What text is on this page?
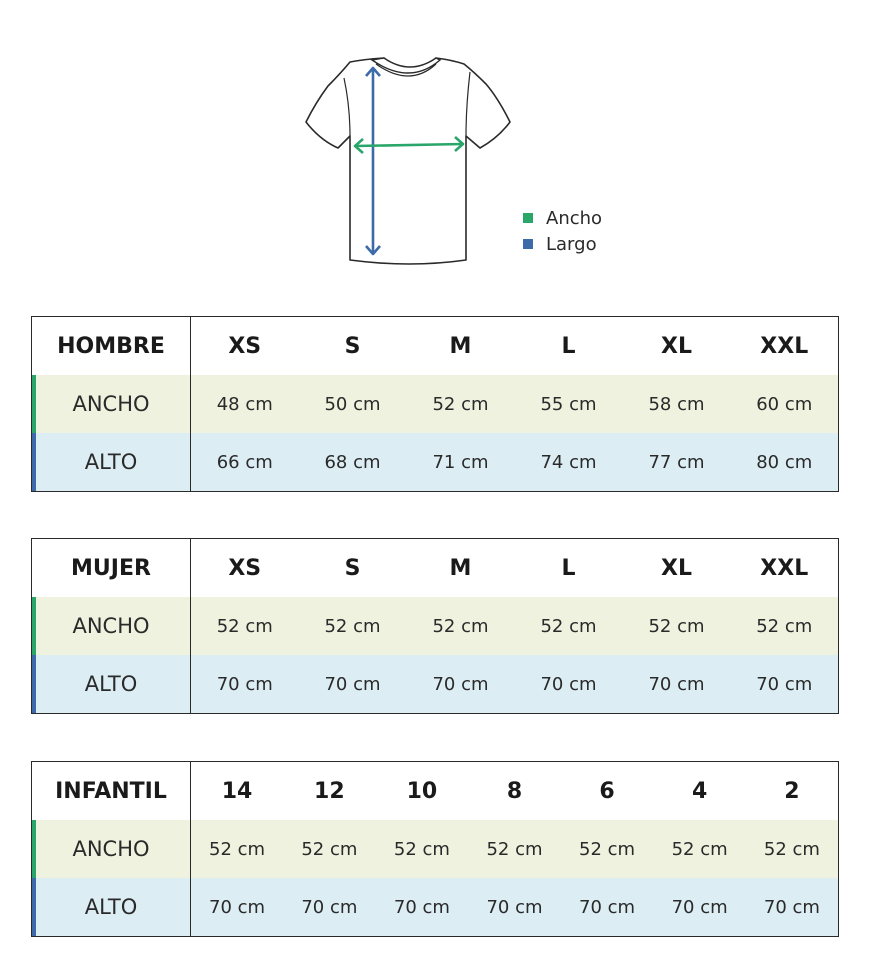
Ancho
Largo
HOMBRE	XS	S	M	L	XL	XXL
ANCHO	48 cm	50 cm	52 cm	55 cm	58 cm	60 cm
ALTO	66 cm	68 cm	71 cm	74 cm	77 cm	80 cm
MUJER	XS	S	M	L	XL	XXL
ANCHO	52 cm	52 cm	52 cm	52 cm	52 cm	52 cm
ALTO	70 cm	70 cm	70 cm	70 cm	70 cm	70 cm
INFANTIL	14	12	10	8	6	4	2
ANCHO	52 cm	52 cm	52 cm	52 cm	52 cm	52 cm	52 cm
ALTO	70 cm	70 cm	70 cm	70 cm	70 cm	70 cm	70 cm
